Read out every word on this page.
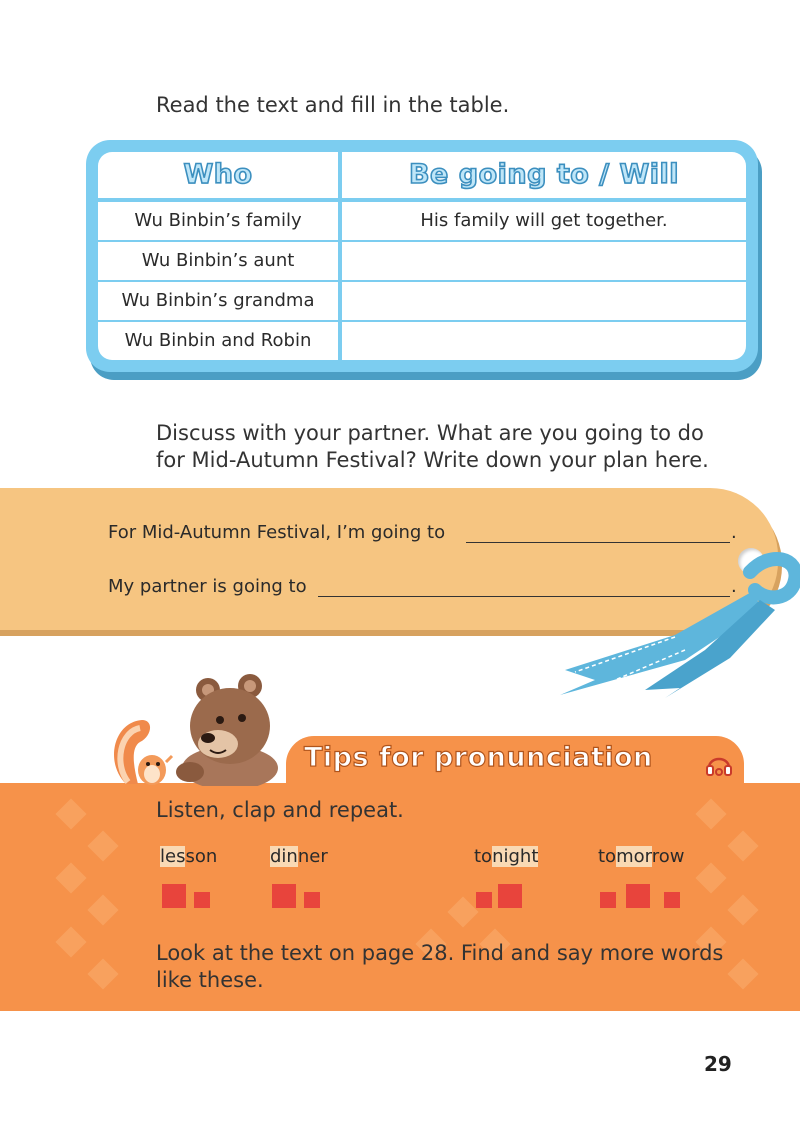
Read the text and fill in the table.
Who	Be going to / Will
Wu Binbin’s family	His family will get together.
Wu Binbin’s aunt
Wu Binbin’s grandma
Wu Binbin and Robin
Discuss with your partner. What are you going to do
for Mid-Autumn Festival? Write down your plan here.
For Mid-Autumn Festival, I’m going to	.
My partner is going to	.
Tips for pronunciation
Listen, clap and repeat.
lesson	dinner	tonight	tomorrow
Look at the text on page 28. Find and say more words
like these.
29
